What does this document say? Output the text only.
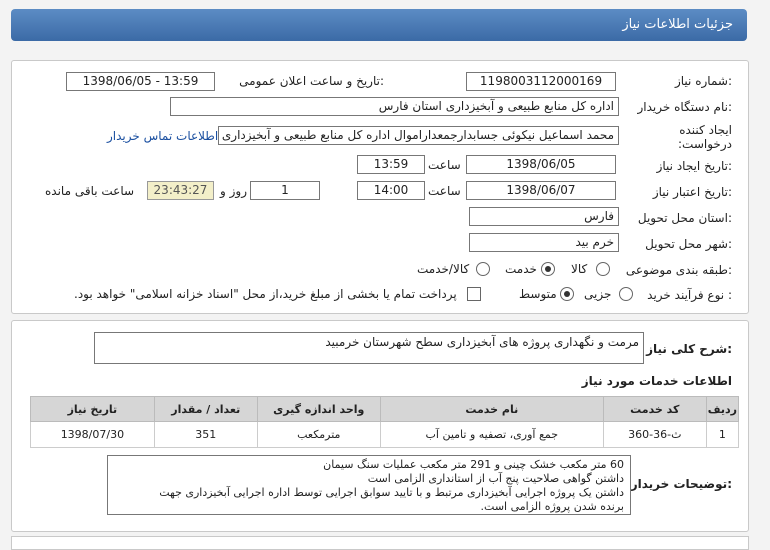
جزئیات اطلاعات نیاز
شماره نیاز:
1198003112000169
تاریخ و ساعت اعلان عمومی:
1398/06/05 - 13:59
نام دستگاه خریدار:
اداره کل منابع طبیعی و آبخیزداری استان فارس
ایجاد کننده درخواست:
محمد اسماعیل نیکوئی جسابدارجمعداراموال اداره کل منابع طبیعی و آبخیزداری
اطلاعات تماس خریدار
تاریخ ایجاد نیاز:
1398/06/05
ساعت
13:59
تاریخ اعتبار نیاز:
1398/06/07
ساعت
14:00
1
روز و
23:43:27
ساعت باقی مانده
استان محل تحویل:
فارس
شهر محل تحویل:
خرم بید
طبقه بندی موضوعی:
کالا
خدمت
کالا/خدمت
نوع فرآیند خرید :
جزیی
متوسط
پرداخت تمام یا بخشی از مبلغ خرید،از محل "اسناد خزانه اسلامی" خواهد بود.
شرح کلی نیاز:
مرمت و نگهداری پروژه های آبخیزداری سطح شهرستان خرمبید
اطلاعات خدمات مورد نیاز
ردیف	کد خدمت	نام خدمت	واحد اندازه گیری	تعداد / مقدار	تاریخ نیاز
1	ث-36-360	جمع آوری، تصفیه و تامین آب	مترمکعب	351	1398/07/30
توضیحات خریدار:
60 متر مکعب خشک چینی و 291 متر مکعب عملیات سنگ سیمان
داشتن گواهی صلاحیت پنج آب از استانداری الزامی است
داشتن یک پروژه اجرایی آبخیزداری مرتبط و با تایید سوابق اجرایی توسط اداره اجرایی آبخیزداری جهت
برنده شدن پروژه الزامی است.
